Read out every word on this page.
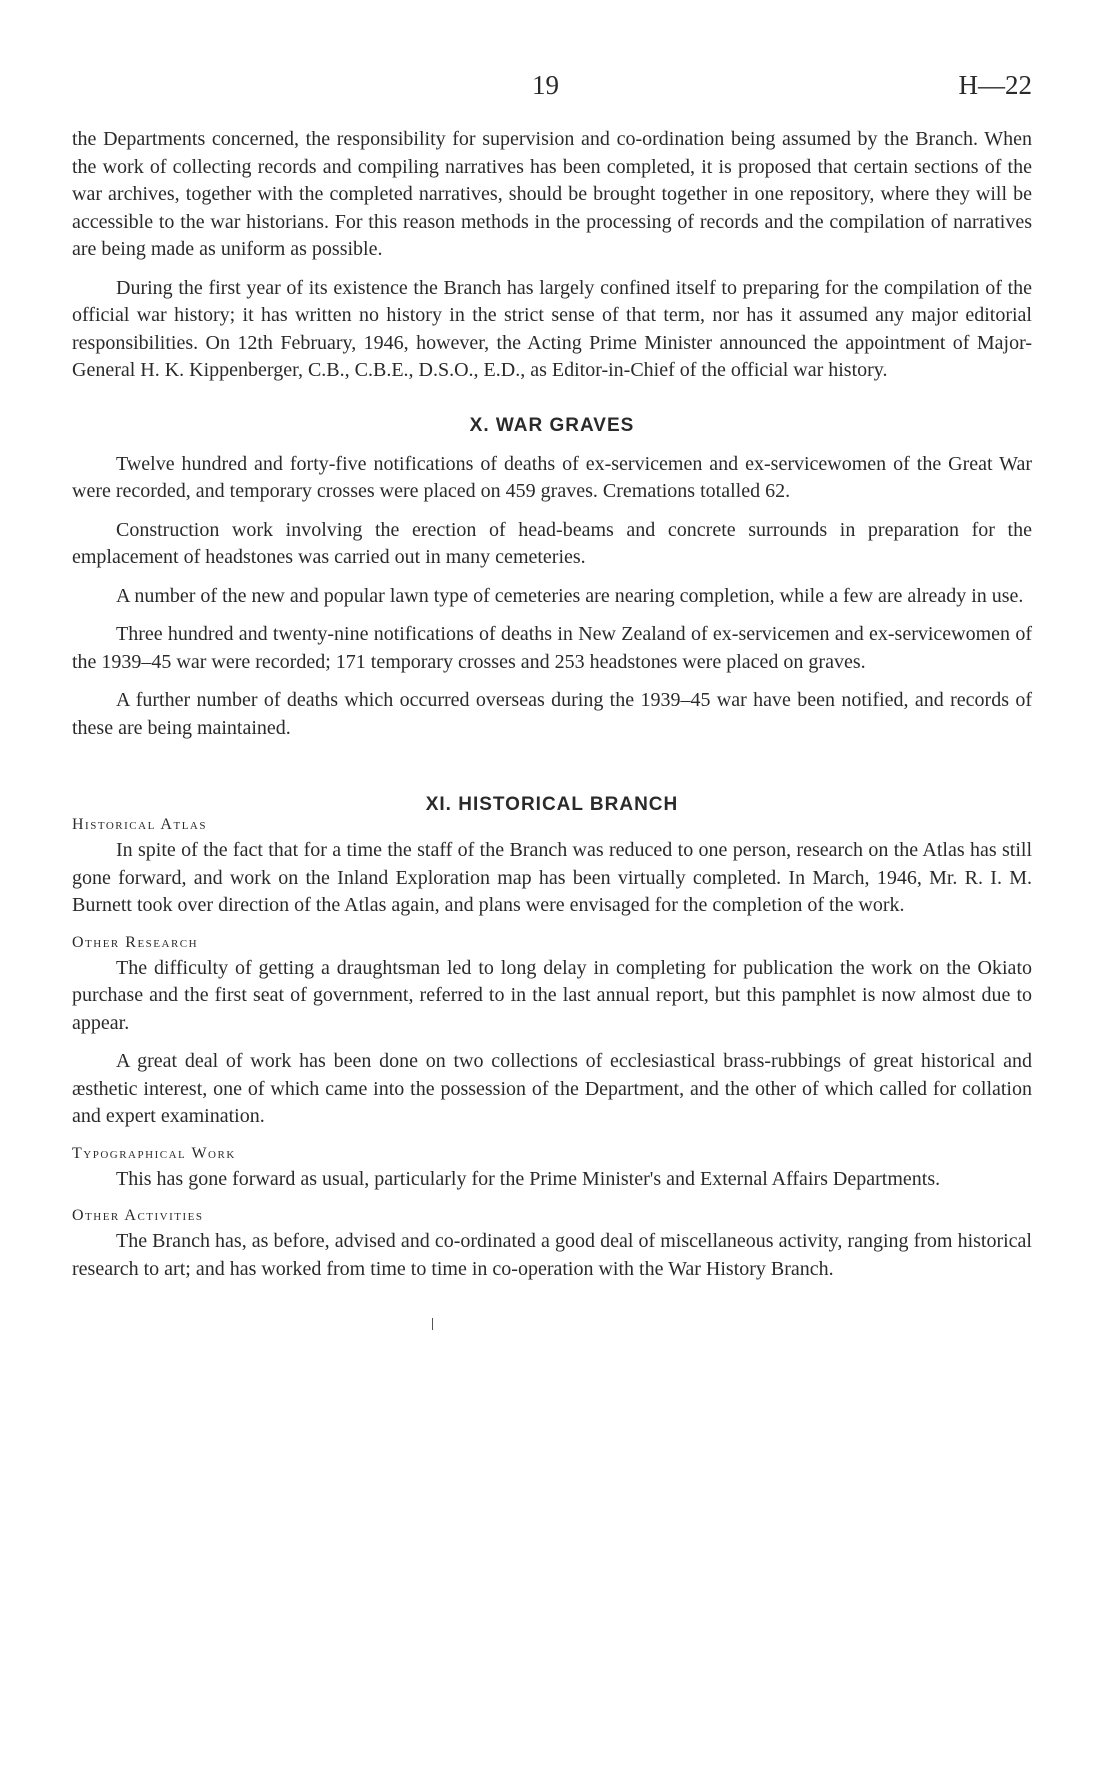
19	H—22

the Departments concerned, the responsibility for supervision and co-ordination being assumed by the Branch. When the work of collecting records and compiling narratives has been completed, it is proposed that certain sections of the war archives, together with the completed narratives, should be brought together in one repository, where they will be accessible to the war historians. For this reason methods in the processing of records and the compilation of narratives are being made as uniform as possible.

During the first year of its existence the Branch has largely confined itself to preparing for the compilation of the official war history; it has written no history in the strict sense of that term, nor has it assumed any major editorial responsibilities. On 12th February, 1946, however, the Acting Prime Minister announced the appointment of Major-General H. K. Kippenberger, C.B., C.B.E., D.S.O., E.D., as Editor-in-Chief of the official war history.

X. WAR GRAVES

Twelve hundred and forty-five notifications of deaths of ex-servicemen and ex-servicewomen of the Great War were recorded, and temporary crosses were placed on 459 graves. Cremations totalled 62.

Construction work involving the erection of head-beams and concrete surrounds in preparation for the emplacement of headstones was carried out in many cemeteries.

A number of the new and popular lawn type of cemeteries are nearing completion, while a few are already in use.

Three hundred and twenty-nine notifications of deaths in New Zealand of ex-servicemen and ex-servicewomen of the 1939–45 war were recorded; 171 temporary crosses and 253 headstones were placed on graves.

A further number of deaths which occurred overseas during the 1939–45 war have been notified, and records of these are being maintained.

XI. HISTORICAL BRANCH
Historical Atlas

In spite of the fact that for a time the staff of the Branch was reduced to one person, research on the Atlas has still gone forward, and work on the Inland Exploration map has been virtually completed. In March, 1946, Mr. R. I. M. Burnett took over direction of the Atlas again, and plans were envisaged for the completion of the work.

Other Research

The difficulty of getting a draughtsman led to long delay in completing for publication the work on the Okiato purchase and the first seat of government, referred to in the last annual report, but this pamphlet is now almost due to appear.

A great deal of work has been done on two collections of ecclesiastical brass-rubbings of great historical and æsthetic interest, one of which came into the possession of the Department, and the other of which called for collation and expert examination.

Typographical Work

This has gone forward as usual, particularly for the Prime Minister's and External Affairs Departments.

Other Activities

The Branch has, as before, advised and co-ordinated a good deal of miscellaneous activity, ranging from historical research to art; and has worked from time to time in co-operation with the War History Branch.
